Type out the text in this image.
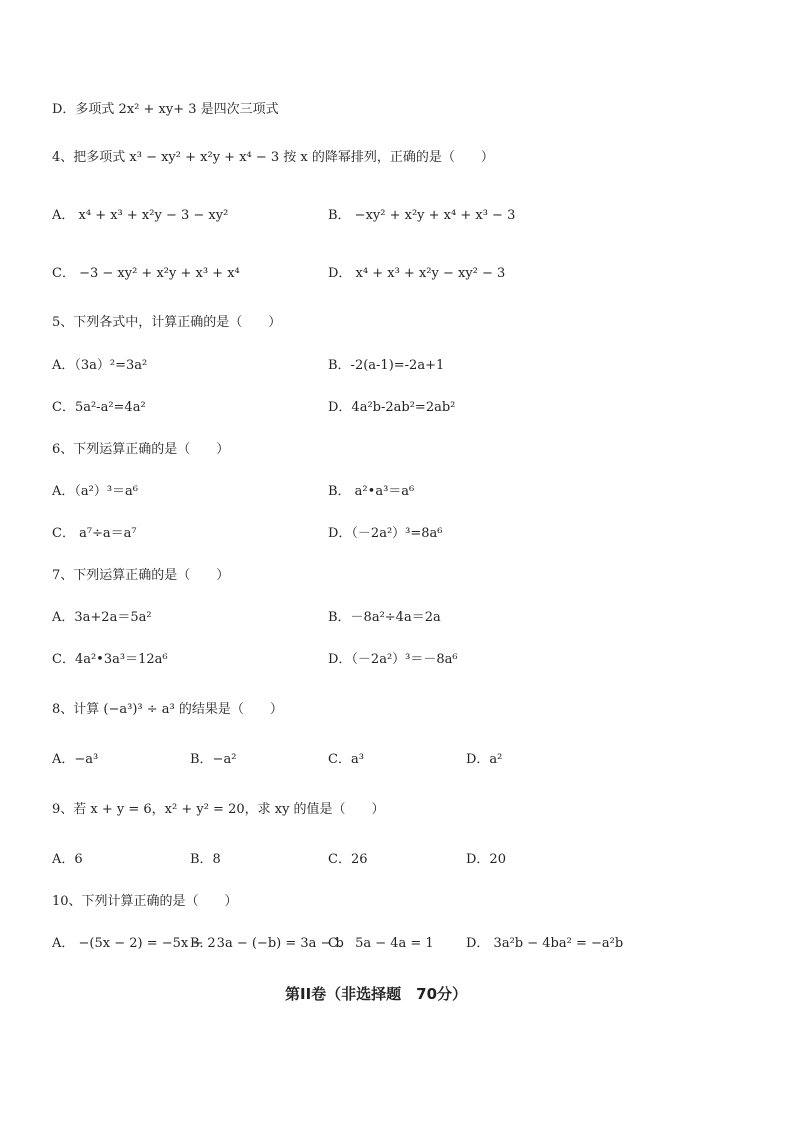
D．多项式 2x² + xy+ 3 是四次三项式
4、把多项式 x³ − xy² + x²y + x⁴ − 3 按 x 的降幂排列，正确的是（　　）
A． x⁴ + x³ + x²y − 3 − xy²	B． −xy² + x²y + x⁴ + x³ − 3
C． −3 − xy² + x²y + x³ + x⁴	D． x⁴ + x³ + x²y − xy² − 3
5、下列各式中，计算正确的是（　　）
A．（3a）²=3a²	B．-2(a-1)=-2a+1
C．5a²-a²=4a²	D．4a²b-2ab²=2ab²
6、下列运算正确的是（　　）
A．（a²）³＝a⁶	B． a²•a³＝a⁶
C． a⁷÷a＝a⁷	D．（－2a²）³=8a⁶
7、下列运算正确的是（　　）
A．3a+2a＝5a²	B．－8a²÷4a＝2a
C．4a²•3a³＝12a⁶	D．（－2a²）³＝－8a⁶
8、计算 (−a³)³ ÷ a³ 的结果是（　　）
A．−a³	B．−a²	C．a³	D．a²
9、若 x + y = 6，x² + y² = 20，求 xy 的值是（　　）
A．6	B．8	C．26	D．20
10、下列计算正确的是（　　）
A． −(5x − 2) = −5x − 2
B． 3a − (−b) = 3a − b
C． 5a − 4a = 1 D． 3a²b − 4ba² = −a²b
第II卷（非选择题　70分）
